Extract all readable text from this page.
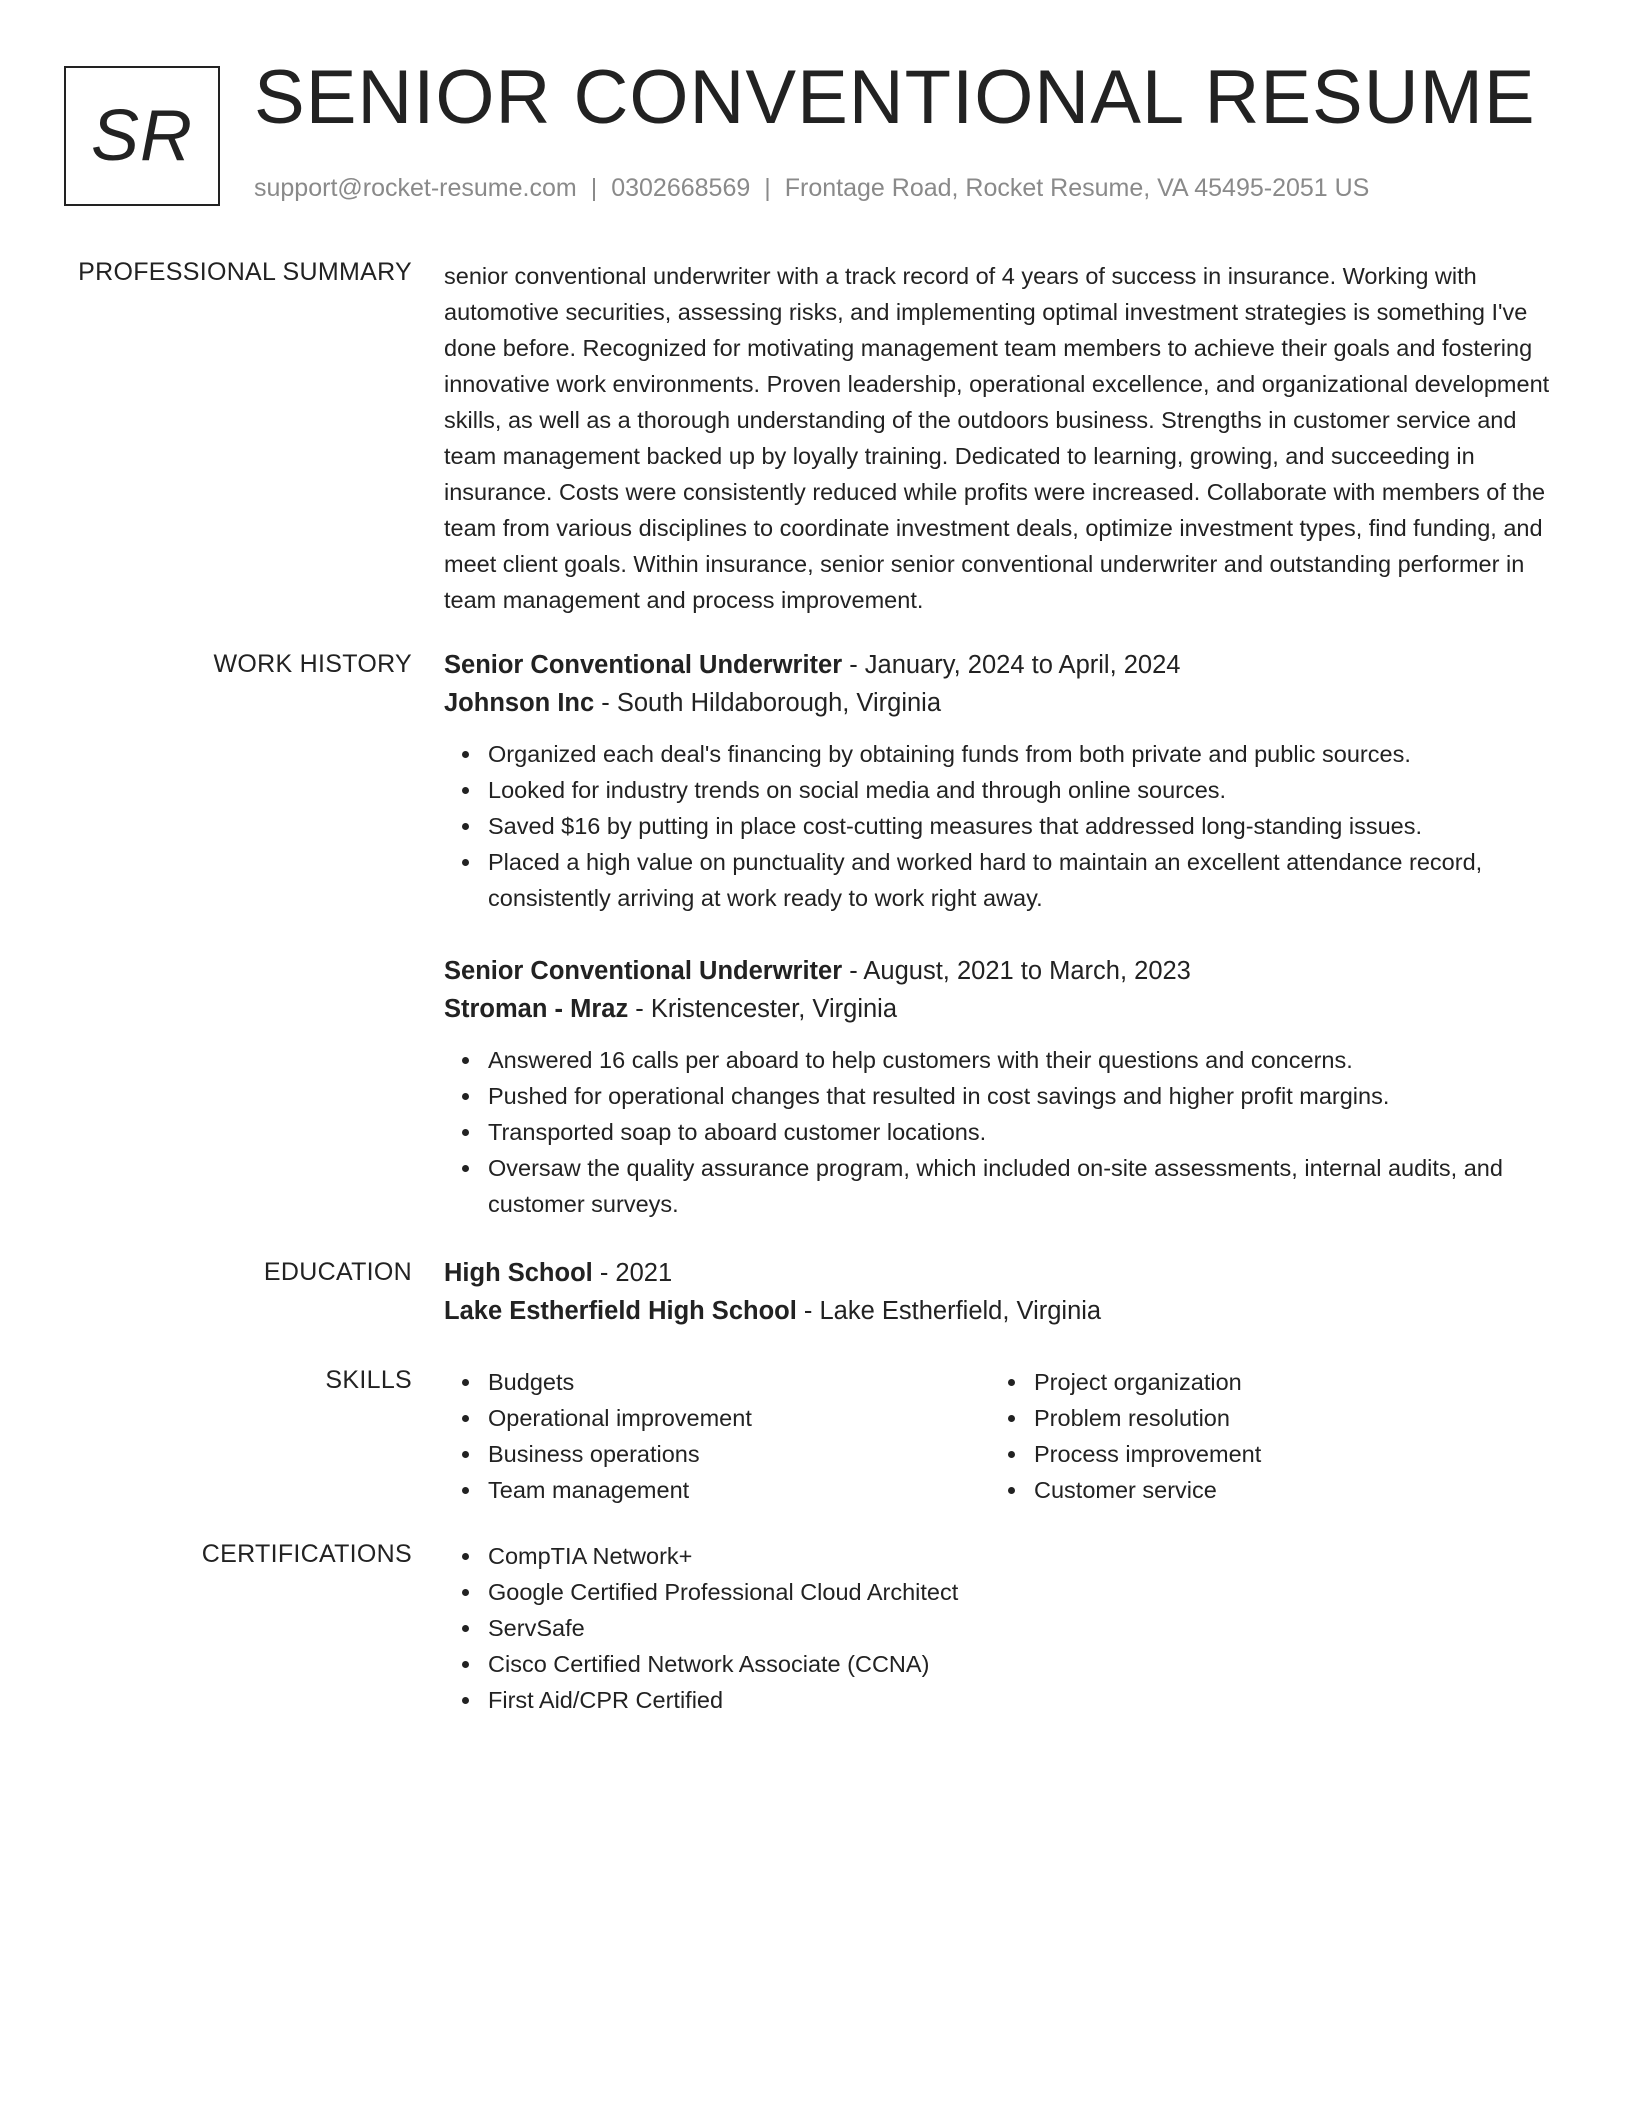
SR SENIOR CONVENTIONAL RESUME
support@rocket-resume.com | 0302668569 | Frontage Road, Rocket Resume, VA 45495-2051 US
PROFESSIONAL SUMMARY senior conventional underwriter with a track record of 4 years of success in insurance. Working with automotive securities, assessing risks, and implementing optimal investment strategies is something I've done before. Recognized for motivating management team members to achieve their goals and fostering innovative work environments. Proven leadership, operational excellence, and organizational development skills, as well as a thorough understanding of the outdoors business. Strengths in customer service and team management backed up by loyally training. Dedicated to learning, growing, and succeeding in insurance. Costs were consistently reduced while profits were increased. Collaborate with members of the team from various disciplines to coordinate investment deals, optimize investment types, find funding, and meet client goals. Within insurance, senior senior conventional underwriter and outstanding performer in team management and process improvement.

WORK HISTORY Senior Conventional Underwriter - January, 2024 to April, 2024
Johnson Inc - South Hildaborough, Virginia
Organized each deal's financing by obtaining funds from both private and public sources.
Looked for industry trends on social media and through online sources.
Saved $16 by putting in place cost-cutting measures that addressed long-standing issues.
Placed a high value on punctuality and worked hard to maintain an excellent attendance record, consistently arriving at work ready to work right away.
Senior Conventional Underwriter - August, 2021 to March, 2023
Stroman - Mraz - Kristencester, Virginia
Answered 16 calls per aboard to help customers with their questions and concerns.
Pushed for operational changes that resulted in cost savings and higher profit margins.
Transported soap to aboard customer locations.
Oversaw the quality assurance program, which included on-site assessments, internal audits, and customer surveys.
EDUCATION High School - 2021
Lake Estherfield High School - Lake Estherfield, Virginia
SKILLS	Budgets
Operational improvement
Business operations
Team management
Project organization
Problem resolution
Process improvement
Customer service
CERTIFICATIONS	CompTIA Network+
Google Certified Professional Cloud Architect
ServSafe
Cisco Certified Network Associate (CCNA)
First Aid/CPR Certified
